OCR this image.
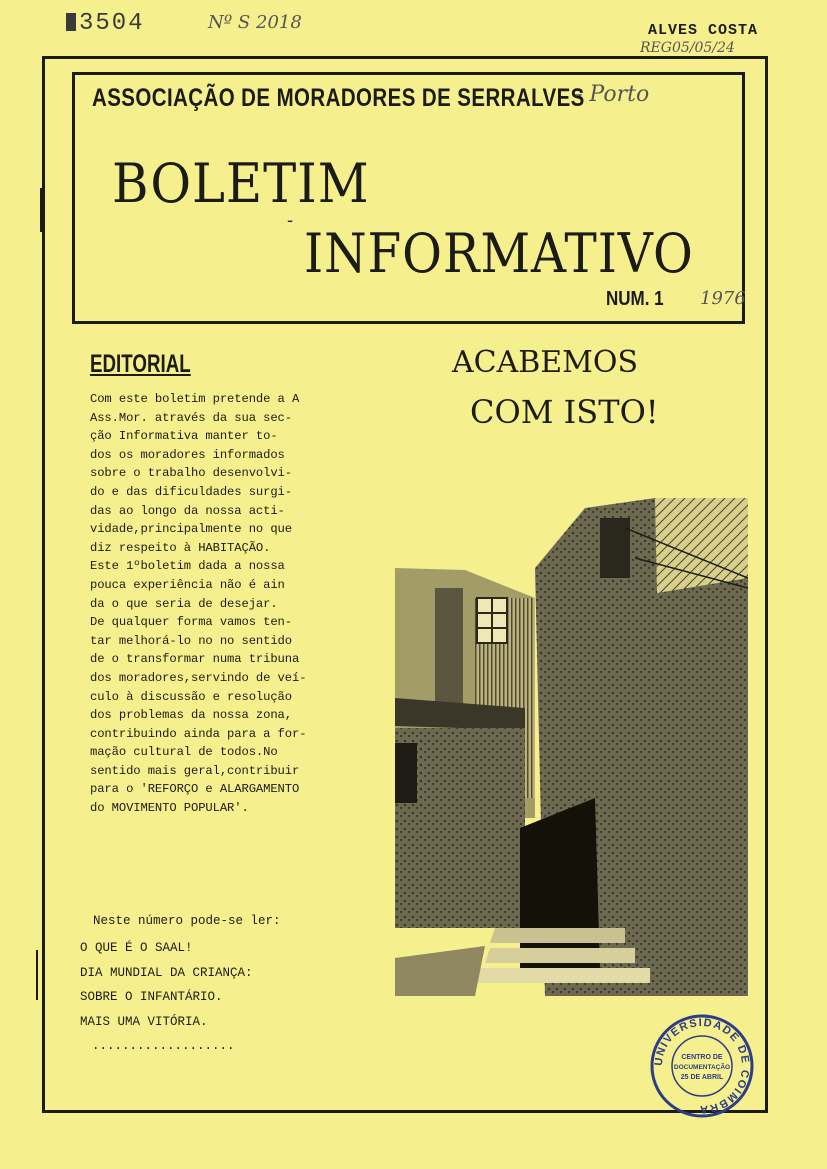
3504	Nº S 2018	ALVES COSTA
REG05/05/24
ASSOCIAÇÃO DE MORADORES DE SERRALVES
- Porto
BOLETIM
-
INFORMATIVO
NUM. 1 1976
EDITORIAL
Com este boletim pretende a A
Ass.Mor. através da sua sec-
ção Informativa manter to-
dos os moradores informados
sobre o trabalho desenvolvi-
do e das dificuldades surgi-
das ao longo da nossa acti-
vidade,principalmente no que
diz respeito à HABITAÇÃO.
Este 1ºboletim dada a nossa
pouca experiência não é ain
da o que seria de desejar.
De qualquer forma vamos ten-
tar melhorá-lo no no sentido
de o transformar numa tribuna
dos moradores,servindo de veí-
culo à discussão e resolução
dos problemas da nossa zona,
contribuindo ainda para a for-
mação cultural de todos.No
sentido mais geral,contribuir
para o 'REFORÇO e ALARGAMENTO
do MOVIMENTO POPULAR'.
ACABEMOS
COM ISTO!
Neste número pode-se ler:
O QUE É O SAAL!
DIA MUNDIAL DA CRIANÇA:
SOBRE O INFANTÁRIO.
MAIS UMA VITÓRIA.
...................
UNIVERSIDADE DE COIMBRA
CENTRO DE
DOCUMENTAÇÃO
25 DE ABRIL
